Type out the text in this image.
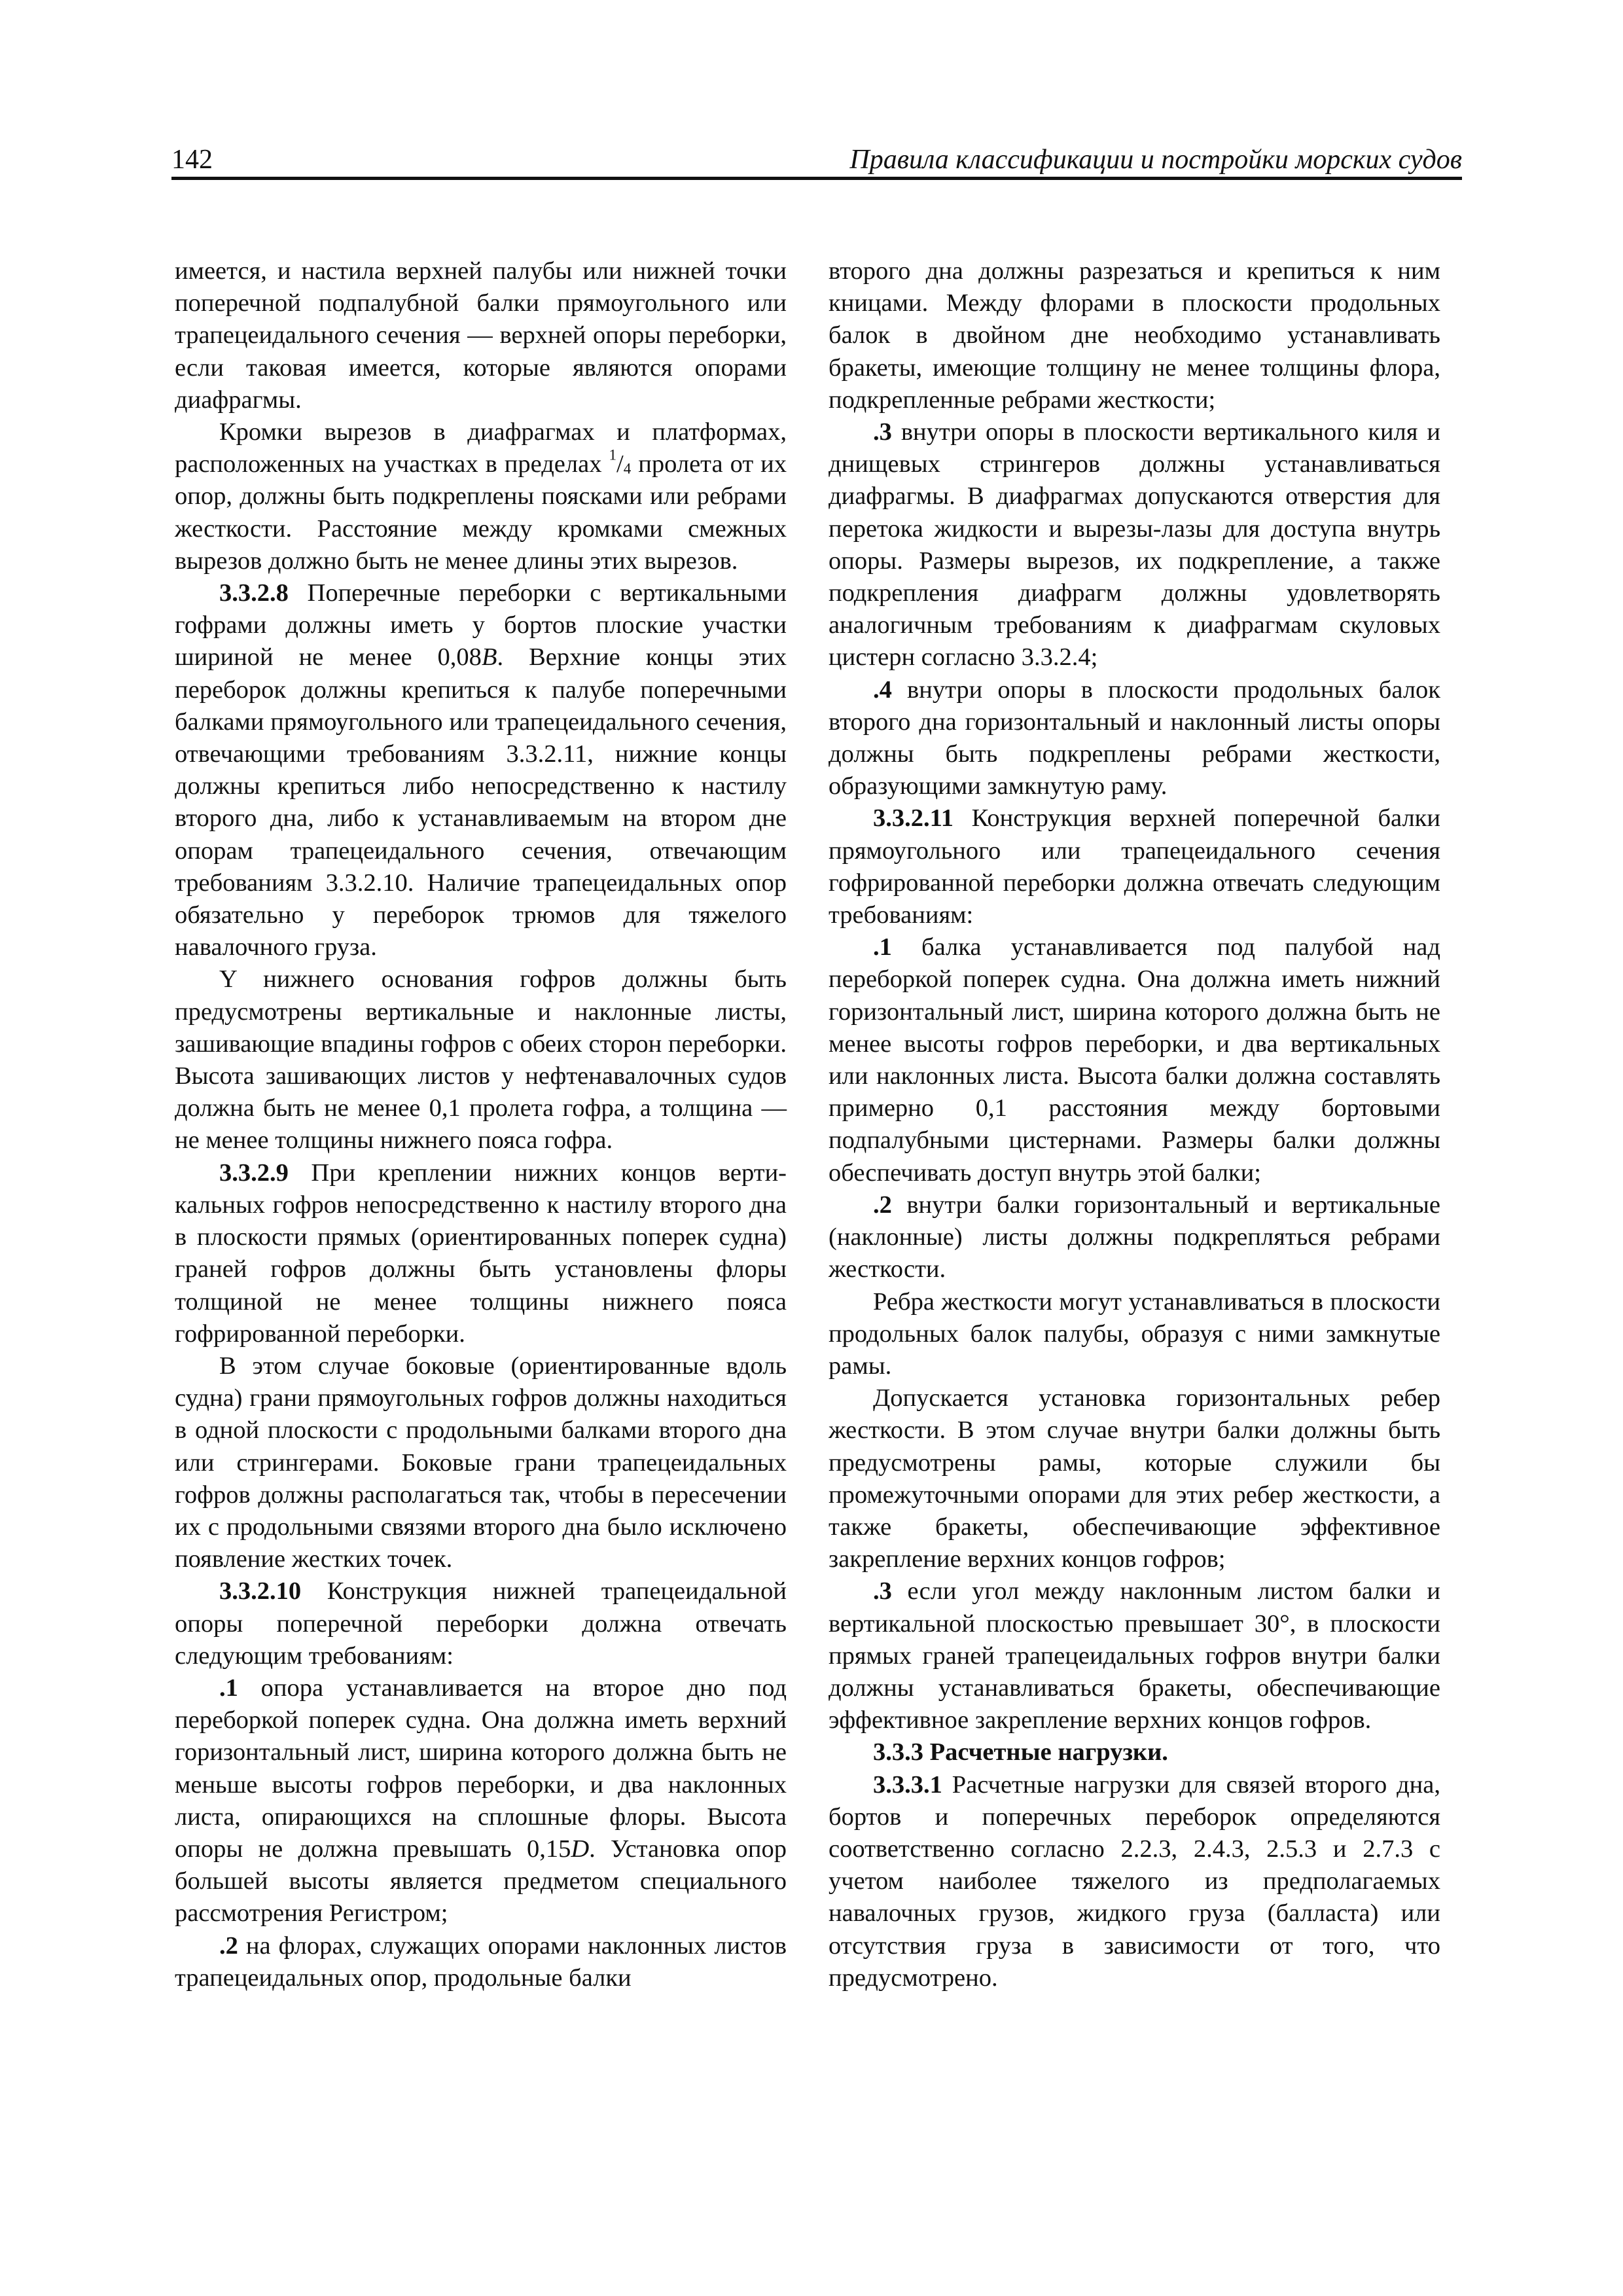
142	Правила классификации и постройки морских судов

имеется, и настила верхней палубы или нижней точки поперечной подпалубной балки прямоугольного или трапецеидального сечения — верхней опоры переборки, если таковая имеется, которые являются опорами диафрагмы.

Кромки вырезов в диафрагмах и платформах, расположенных на участках в пределах $^1/_4$ пролета от их опор, должны быть подкреплены поясками или ребрами жесткости. Расстояние между кромками смежных вырезов должно быть не менее длины этих вырезов.

3.3.2.8 Поперечные переборки с вертикальными гофрами должны иметь у бортов плоские участки шириной не менее 0,08B. Верхние концы этих переборок должны крепиться к палубе поперечными балками прямоугольного или трапецеидального сечения, отвечающими требованиям 3.3.2.11, нижние концы должны крепиться либо непосредственно к настилу второго дна, либо к устанавливаемым на втором дне опорам трапецеидального сечения, отвечающим требованиям 3.3.2.10. Наличие трапецеидальных опор обязательно у переборок трюмов для тяжелого навалочного груза.

Y нижнего основания гофров должны быть предусмотрены вертикальные и наклонные листы, зашивающие впадины гофров с обеих сторон переборки. Высота зашивающих листов у нефтенавалочных судов должна быть не менее 0,1 пролета гофра, а толщина — не менее толщины нижнего пояса гофра.

3.3.2.9 При креплении нижних концов вертикальных гофров непосредственно к настилу второго дна в плоскости прямых (ориентированных поперек судна) граней гофров должны быть установлены флоры толщиной не менее толщины нижнего пояса гофрированной переборки.

В этом случае боковые (ориентированные вдоль судна) грани прямоугольных гофров должны находиться в одной плоскости с продольными балками второго дна или стрингерами. Боковые грани трапецеидальных гофров должны располагаться так, чтобы в пересечении их с продольными связями второго дна было исключено появление жестких точек.

3.3.2.10 Конструкция нижней трапецеидальной опоры поперечной переборки должна отвечать следующим требованиям:

.1 опора устанавливается на второе дно под переборкой поперек судна. Она должна иметь верхний горизонтальный лист, ширина которого должна быть не меньше высоты гофров переборки, и два наклонных листа, опирающихся на сплошные флоры. Высота опоры не должна превышать 0,15D. Установка опор большей высоты является предметом специального рассмотрения Регистром;

.2 на флорах, служащих опорами наклонных листов трапецеидальных опор, продольные балки

второго дна должны разрезаться и крепиться к ним кницами. Между флорами в плоскости продольных балок в двойном дне необходимо устанавливать бракеты, имеющие толщину не менее толщины флора, подкрепленные ребрами жесткости;

.3 внутри опоры в плоскости вертикального киля и днищевых стрингеров должны устанавливаться диафрагмы. В диафрагмах допускаются отверстия для перетока жидкости и вырезы-лазы для доступа внутрь опоры. Размеры вырезов, их подкрепление, а также подкрепления диафрагм должны удовлетворять аналогичным требованиям к диафрагмам скуловых цистерн согласно 3.3.2.4;

.4 внутри опоры в плоскости продольных балок второго дна горизонтальный и наклонный листы опоры должны быть подкреплены ребрами жесткости, образующими замкнутую раму.

3.3.2.11 Конструкция верхней поперечной балки прямоугольного или трапецеидального сечения гофрированной переборки должна отвечать следующим требованиям:

.1 балка устанавливается под палубой над переборкой поперек судна. Она должна иметь нижний горизонтальный лист, ширина которого должна быть не менее высоты гофров переборки, и два вертикальных или наклонных листа. Высота балки должна составлять примерно 0,1 расстояния между бортовыми подпалубными цистернами. Размеры балки должны обеспечивать доступ внутрь этой балки;

.2 внутри балки горизонтальный и вертикальные (наклонные) листы должны подкрепляться ребрами жесткости.

Ребра жесткости могут устанавливаться в плоскости продольных балок палубы, образуя с ними замкнутые рамы.

Допускается установка горизонтальных ребер жесткости. В этом случае внутри балки должны быть предусмотрены рамы, которые служили бы промежуточными опорами для этих ребер жесткости, а также бракеты, обеспечивающие эффективное закрепление верхних концов гофров;

.3 если угол между наклонным листом балки и вертикальной плоскостью превышает 30°, в плоскости прямых граней трапецеидальных гофров внутри балки должны устанавливаться бракеты, обеспечивающие эффективное закрепление верхних концов гофров.

3.3.3 Расчетные нагрузки.

3.3.3.1 Расчетные нагрузки для связей второго дна, бортов и поперечных переборок определяются соответственно согласно 2.2.3, 2.4.3, 2.5.3 и 2.7.3 с учетом наиболее тяжелого из предполагаемых навалочных грузов, жидкого груза (балласта) или отсутствия груза в зависимости от того, что предусмотрено.
